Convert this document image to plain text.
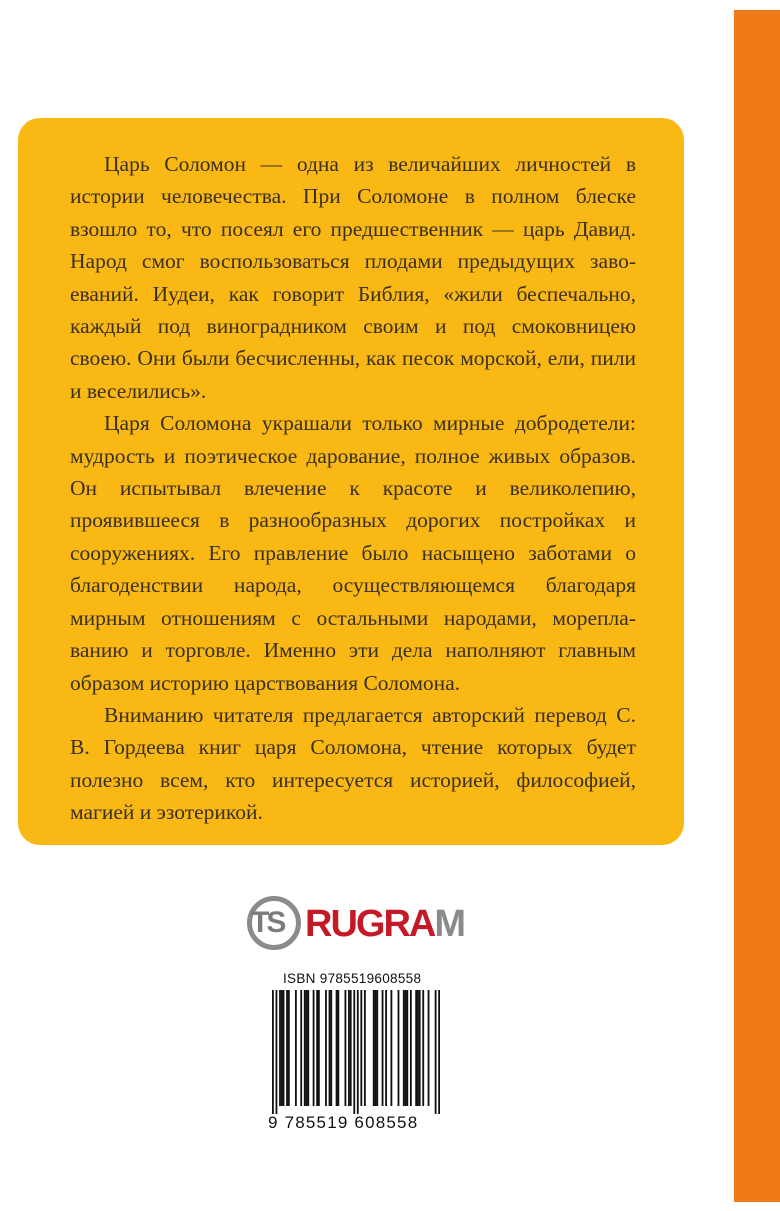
Царь Соломон — одна из величайших личностей в истории человечества. При Соломоне в полном блеске взошло то, что посеял его предшественник — царь Давид. Народ смог воспользоваться плодами предыдущих завоеваний. Иудеи, как говорит Библия, «жили беспечально, каждый под виноградником своим и под смоковницею своею. Они были бесчисленны, как песок морской, ели, пили и веселились».

Царя Соломона украшали только мирные добродетели: мудрость и поэтическое дарование, полное живых образов. Он испытывал влечение к красоте и великолепию, проявившееся в разнообразных дорогих постройках и сооружениях. Его правление было насыщено заботами о благоденствии народа, осуществляющемся благодаря мирным отношениям с остальными народами, мореплаванию и торговле. Именно эти дела наполняют главным образом историю царствования Соломона.

Вниманию читателя предлагается авторский перевод С. В. Гордеева книг царя Соломона, чтение которых будет полезно всем, кто интересуется историей, философией, магией и эзотерикой.

TS RUGRAM
ISBN 9785519608558
9 785519 608558
